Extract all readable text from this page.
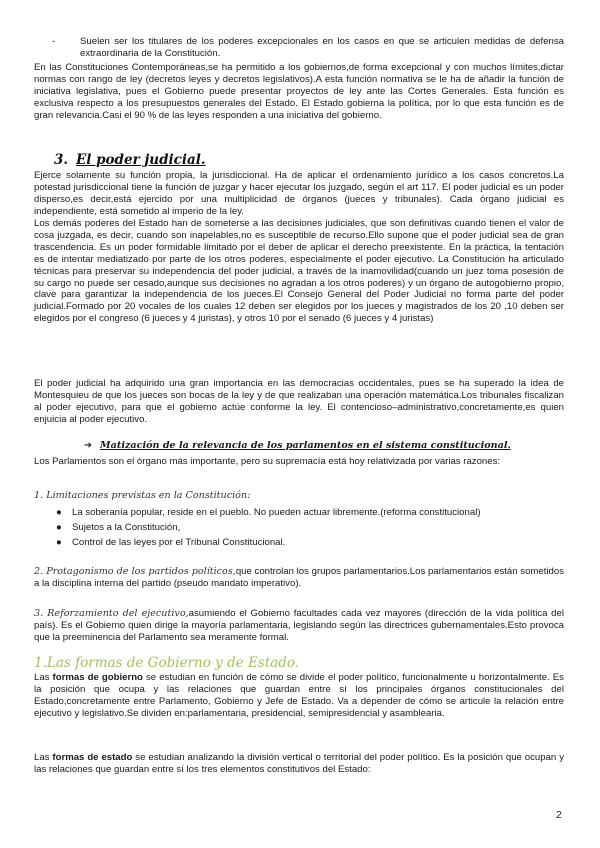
-	Suelen ser los titulares de los poderes excepcionales en los casos en que se articulen medidas de defensa extraordinaria de la Constitución.

En las Constituciones Contemporáneas,se ha permitido a los gobiernos,de forma excepcional y con muchos límites,dictar normas con rango de ley (decretos leyes y decretos legislativos).A esta función normativa se le ha de añadir la función de iniciativa legislativa, pues el Gobierno puede presentar proyectos de ley ante las Cortes Generales. Esta función es exclusiva respecto a los presupuestos generales del Estado. El Estado gobierna la política, por lo que esta función es de gran relevancia.Casi el 90 % de las leyes responden a una iniciativa del gobierno.

3. El poder judicial.

Ejerce solamente su función propia, la jurisdiccional. Ha de aplicar el ordenamiento jurídico a los casos concretos.La potestad jurisdiccional tiene la función de juzgar y hacer ejecutar los juzgado, según el art 117. El poder judicial es un poder disperso,es decir,está ejercido por una multiplicidad de órganos (jueces y tribunales). Cada órgano judicial es independiente, está sometido al imperio de la ley.

Los demás poderes del Estado han de someterse a las decisiones judiciales, que son definitivas cuando tienen el valor de cosa juzgada, es decir, cuando son inapelables,no es susceptible de recurso.Ello supone que el poder judicial sea de gran trascendencia. Es un poder formidable limitado por el deber de aplicar el derecho preexistente. En la práctica, la tentación es de intentar mediatizado por parte de los otros poderes, especialmente el poder ejecutivo. La Constitución ha articulado técnicas para preservar su independencia del poder judicial, a través de la inamovilidad(cuando un juez toma posesión de su cargo no puede ser cesado,aunque sus decisiones no agradan a los otros poderes) y un órgano de autogobierno propio, clave para garantizar la independencia de los jueces.El Consejo General del Poder Judicial no forma parte del poder judicial.Formado por 20 vocales de los cuales 12 deben ser elegidos por los jueces y magistrados de los 20 ,10 deben ser elegidos por el congreso (6 jueces y 4 juristas), y otros 10 por el senado (6 jueces y 4 juristas)

El poder judicial ha adquirido una gran importancia en las democracias occidentales, pues se ha superado la idea de Montesquieu de que los jueces son bocas de la ley y de que realizaban una operación matemática.Los tribunales fiscalizan al poder ejecutivo, para que el gobierno actúe conforme la ley. El contencioso–administrativo,concretamente,es quien enjuicia al poder ejecutivo.

➔ Matización de la relevancia de los parlamentos en el sistema constitucional.

Los Parlamentos son el órgano más importante, pero su supremacía está hoy relativizada por varias razones:

1. Limitaciones previstas en la Constitución:
● La soberanía popular, reside en el pueblo. No pueden actuar libremente.(reforma constitucional)
● Sujetos a la Constitución,
● Control de las leyes por el Tribunal Constitucional.

2. Protagonismo de los partidos políticos,que controlan los grupos parlamentarios.Los parlamentarios están sometidos a la disciplina interna del partido (pseudo mandato imperativo).

3. Reforzamiento del ejecutivo,asumiendo el Gobierno facultades cada vez mayores (dirección de la vida política del país). Es el Gobierno quien dirige la mayoría parlamentaria, legislando según las directrices gubernamentales.Esto provoca que la preeminencia del Parlamento sea meramente formal.

1.Las formas de Gobierno y de Estado.

Las formas de gobierno se estudian en función de cómo se divide el poder político, funcionalmente u horizontalmente. Es la posición que ocupa y las relaciones que guardan entre sí los principales órganos constitucionales del Estado,concretamente entre Parlamento, Gobierno y Jefe de Estado. Va a depender de cómo se articule la relación entre ejecutivo y legislativo.Se dividen en:parlamentaria, presidencial, semipresidencial y asamblearia.

Las formas de estado se estudian analizando la división vertical o territorial del poder político. Es la posición que ocupan y las relaciones que guardan entre sí los tres elementos constitutivos del Estado:

2
